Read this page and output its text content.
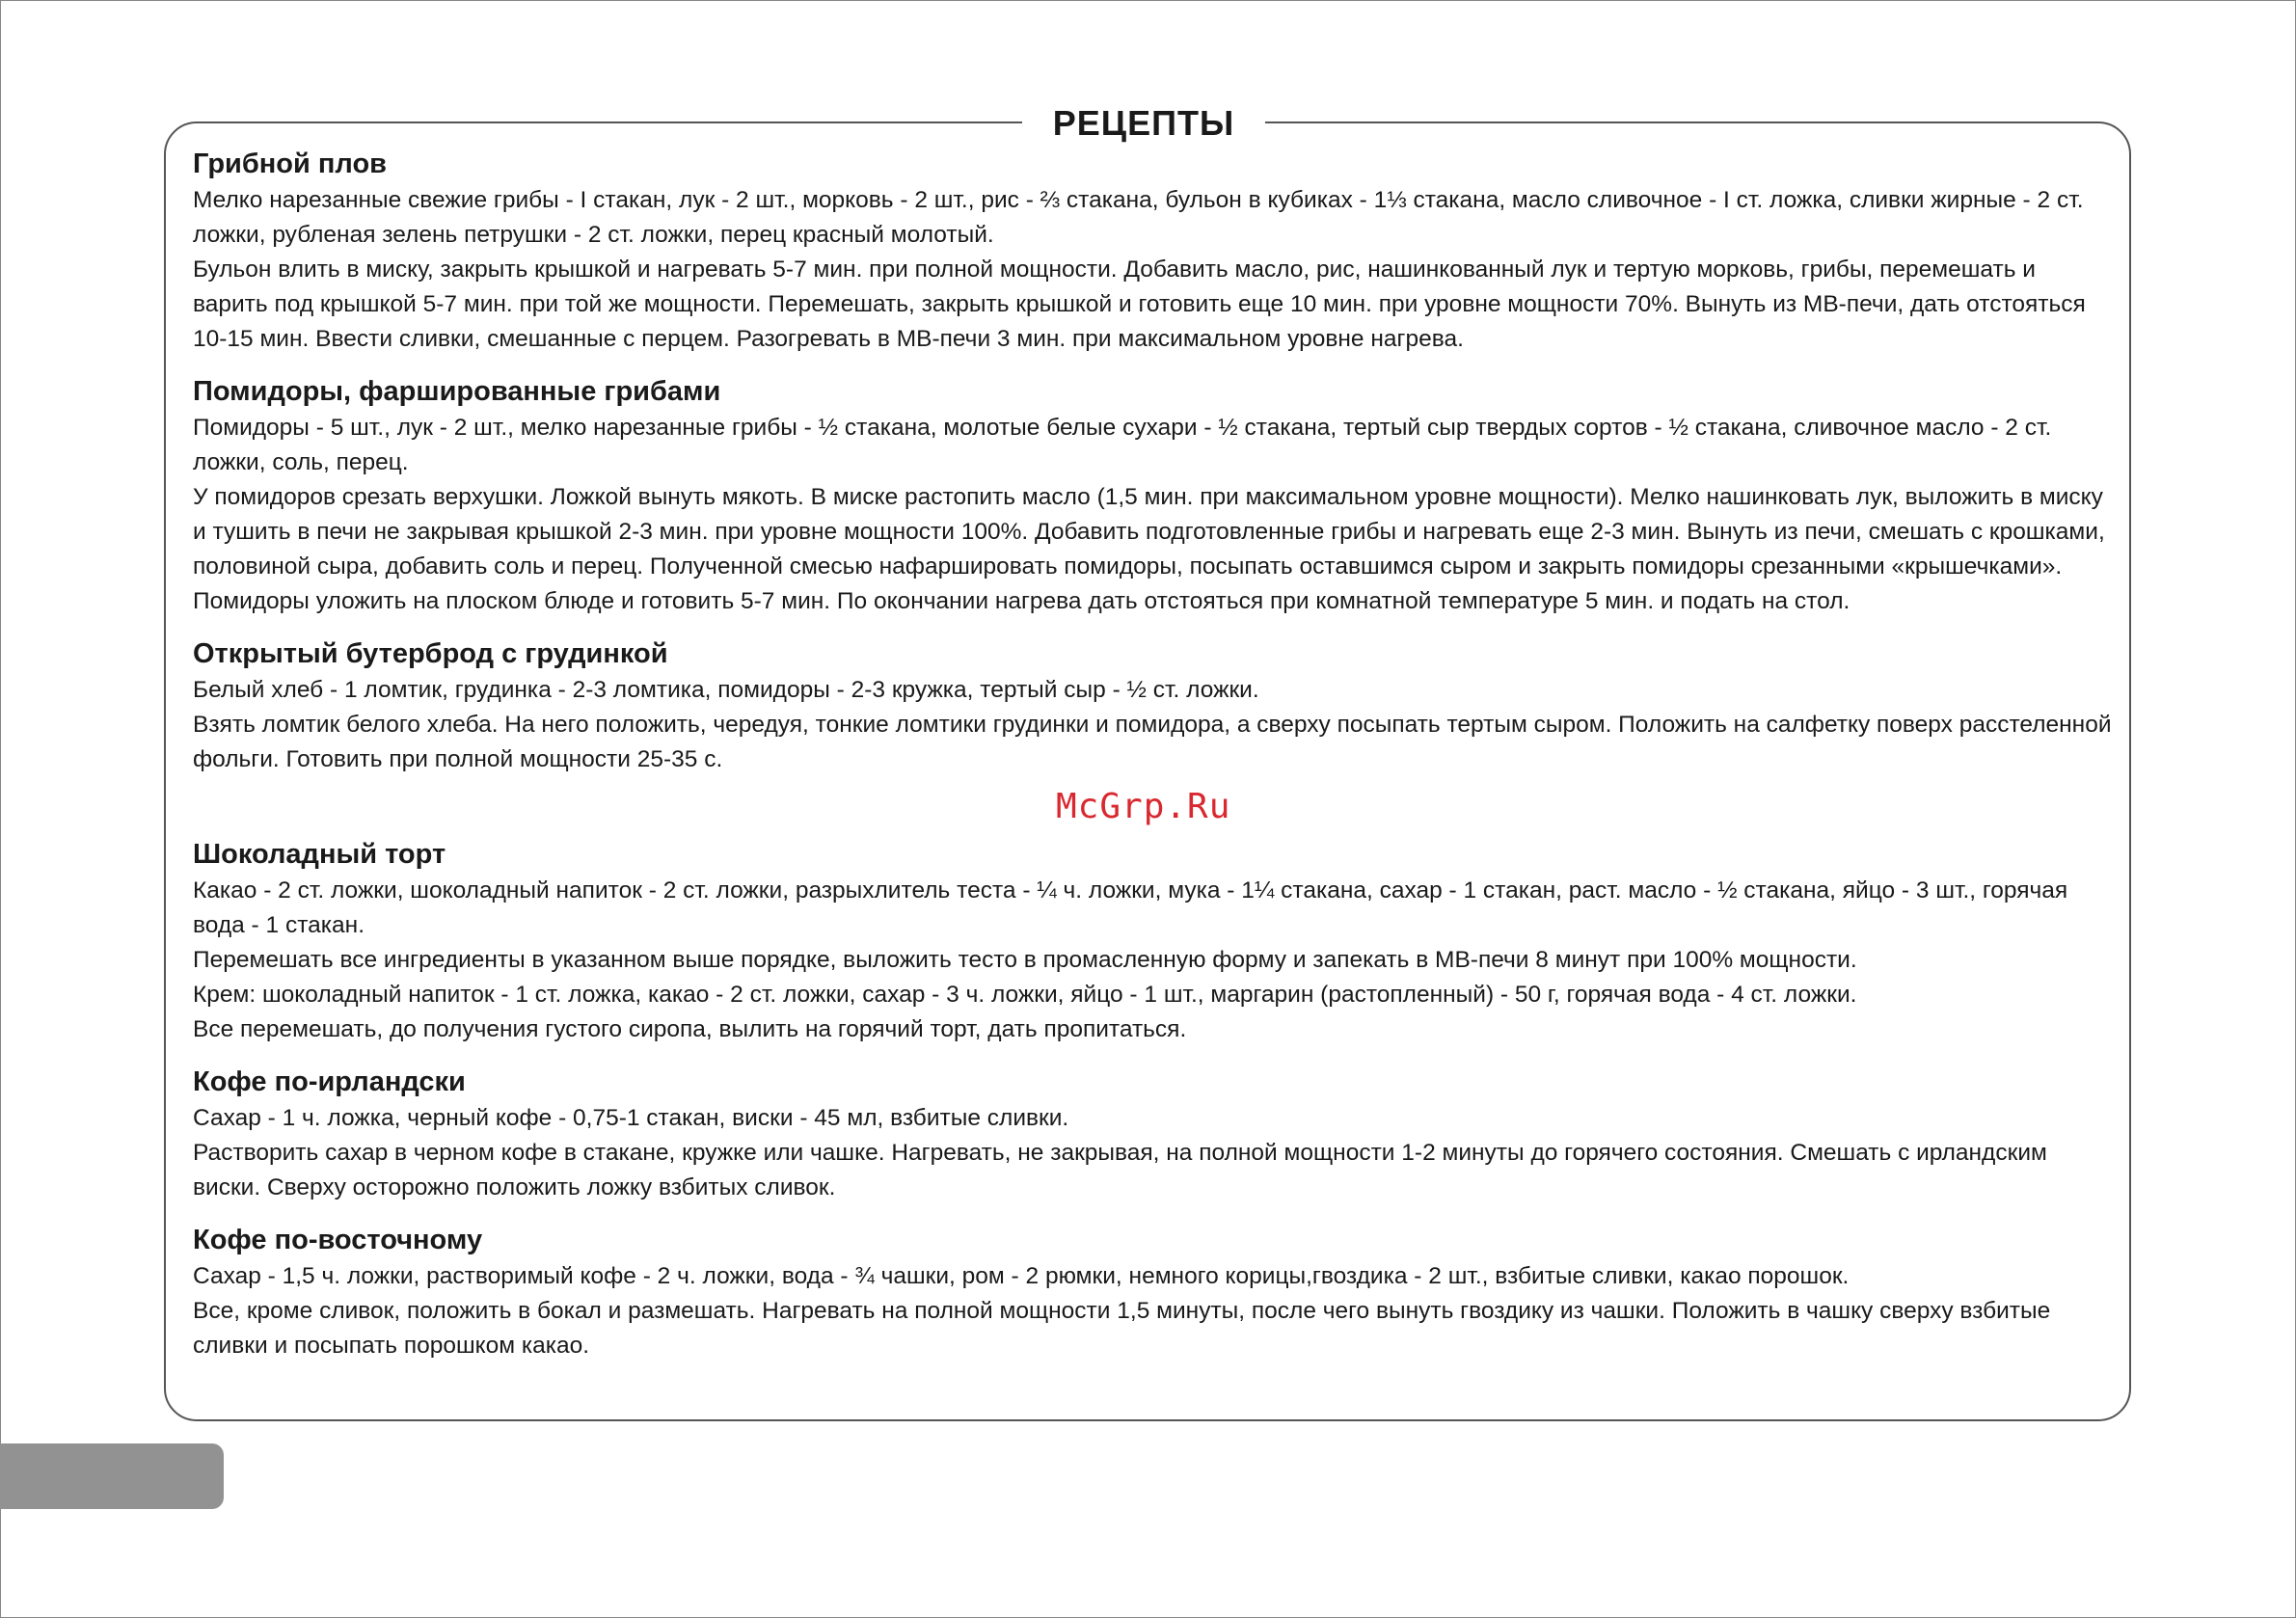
РЕЦЕПТЫ
Грибной плов

Мелко нарезанные свежие грибы - I стакан, лук - 2 шт., морковь - 2 шт., рис - ⅔ стакана, бульон в кубиках - 1⅓ стакана, масло сливочное - I ст. ложка, сливки жирные - 2 ст. ложки, рубленая зелень петрушки - 2 ст. ложки, перец красный молотый.

Бульон влить в миску, закрыть крышкой и нагревать 5-7 мин. при полной мощности. Добавить масло, рис, нашинкованный лук и тертую морковь, грибы, перемешать и варить под крышкой 5-7 мин. при той же мощности. Перемешать, закрыть крышкой и готовить еще 10 мин. при уровне мощности 70%. Вынуть из МВ-печи, дать отстояться 10-15 мин. Ввести сливки, смешанные с перцем. Разогревать в МВ-печи 3 мин. при максимальном уровне нагрева.

Помидоры, фаршированные грибами

Помидоры - 5 шт., лук - 2 шт., мелко нарезанные грибы - ½ стакана, молотые белые сухари - ½ стакана, тертый сыр твердых сортов - ½ стакана, сливочное масло - 2 ст. ложки, соль, перец.

У помидоров срезать верхушки. Ложкой вынуть мякоть. В миске растопить масло (1,5 мин. при максимальном уровне мощности). Мелко нашинковать лук, выложить в миску и тушить в печи не закрывая крышкой 2-3 мин. при уровне мощности 100%. Добавить подготовленные грибы и нагревать еще 2-3 мин. Вынуть из печи, смешать с крошками, половиной сыра, добавить соль и перец. Полученной смесью нафаршировать помидоры, посыпать оставшимся сыром и закрыть помидоры срезанными «крышечками». Помидоры уложить на плоском блюде и готовить 5-7 мин. По окончании нагрева дать отстояться при комнатной температуре 5 мин. и подать на стол.

Открытый бутерброд с грудинкой

Белый хлеб - 1 ломтик, грудинка - 2-3 ломтика, помидоры - 2-3 кружка, тертый сыр - ½ ст. ложки.

Взять ломтик белого хлеба. На него положить, чередуя, тонкие ломтики грудинки и помидора, а сверху посыпать тертым сыром. Положить на салфетку поверх расстеленной фольги. Готовить при полной мощности 25-35 с.

Шоколадный торт

Какао - 2 ст. ложки, шоколадный напиток - 2 ст. ложки, разрыхлитель теста - ¼ ч. ложки, мука - 1¼ стакана, сахар - 1 стакан, раст. масло - ½ стакана, яйцо - 3 шт., горячая вода - 1 стакан.

Перемешать все ингредиенты в указанном выше порядке, выложить тесто в промасленную форму и запекать в МВ-печи 8 минут при 100% мощности.

Крем: шоколадный напиток - 1 ст. ложка, какао - 2 ст. ложки, сахар - 3 ч. ложки, яйцо - 1 шт., маргарин (растопленный) - 50 г, горячая вода - 4 ст. ложки.

Все перемешать, до получения густого сиропа, вылить на горячий торт, дать пропитаться.

Кофе по-ирландски

Сахар - 1 ч. ложка, черный кофе - 0,75-1 стакан, виски - 45 мл, взбитые сливки.

Растворить сахар в черном кофе в стакане, кружке или чашке. Нагревать, не закрывая, на полной мощности 1-2 минуты до горячего состояния. Смешать с ирландским виски. Сверху осторожно положить ложку взбитых сливок.

Кофе по-восточному

Сахар - 1,5 ч. ложки, растворимый кофе - 2 ч. ложки, вода - ¾ чашки, ром - 2 рюмки, немного корицы,гвоздика - 2 шт., взбитые сливки, какао порошок.

Все, кроме сливок, положить в бокал и размешать. Нагревать на полной мощности 1,5 минуты, после чего вынуть гвоздику из чашки. Положить в чашку сверху взбитые сливки и посыпать порошком какао.

McGrp.Ru
